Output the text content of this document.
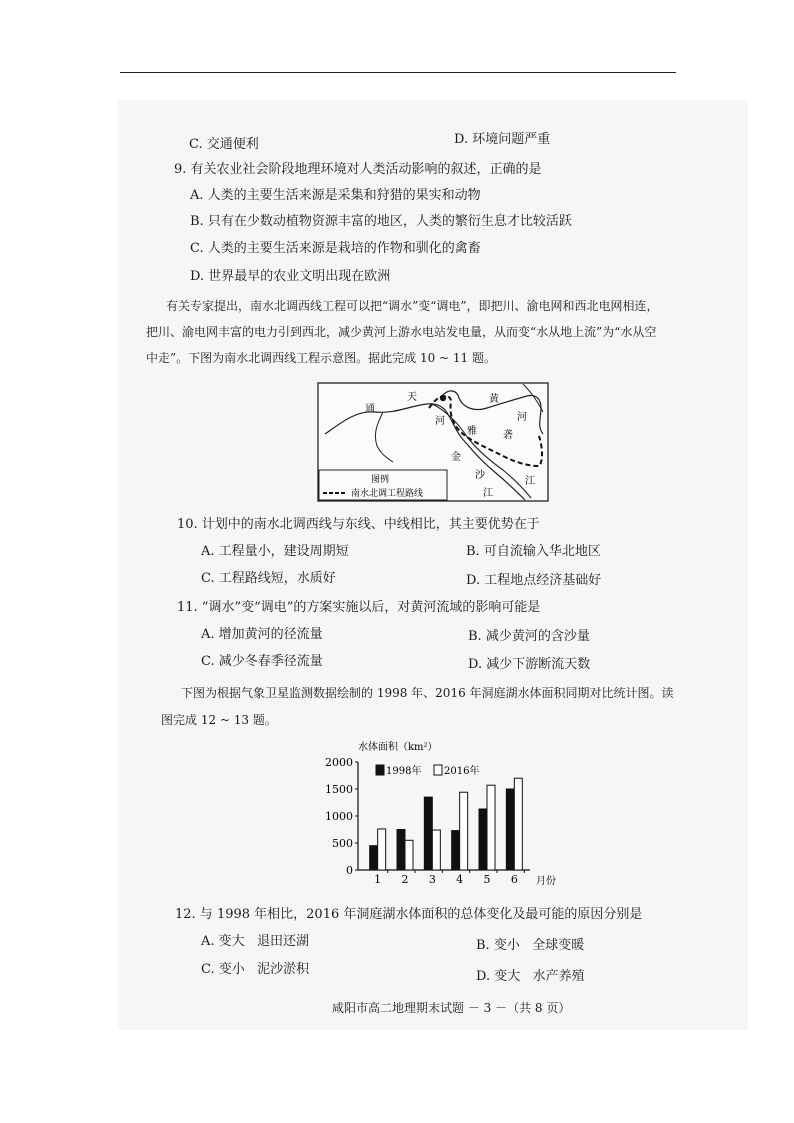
C. 交通便利	D. 环境问题严重
9. 有关农业社会阶段地理环境对人类活动影响的叙述，正确的是
A. 人类的主要生活来源是采集和狩猎的果实和动物
B. 只有在少数动植物资源丰富的地区，人类的繁衍生息才比较活跃
C. 人类的主要生活来源是栽培的作物和驯化的禽畜
D. 世界最早的农业文明出现在欧洲
有关专家提出，南水北调西线工程可以把“调水”变“调电”，即把川、渝电网和西北电网相连，
把川、渝电网丰富的电力引到西北，减少黄河上游水电站发电量，从而变“水从地上流”为“水从空
中走”。下图为南水北调西线工程示意图。据此完成 10 ~ 11 题。
通
天	黄
河
河
雅	砻
金
沙
江
江
图例
南水北调工程路线
10. 计划中的南水北调西线与东线、中线相比，其主要优势在于
A. 工程量小，建设周期短	B. 可自流输入华北地区
C. 工程路线短，水质好	D. 工程地点经济基础好
11. “调水”变“调电”的方案实施以后，对黄河流域的影响可能是
A. 增加黄河的径流量	B. 减少黄河的含沙量
C. 减少冬春季径流量	D. 减少下游断流天数
下图为根据气象卫星监测数据绘制的 1998 年、2016 年洞庭湖水体面积同期对比统计图。读
图完成 12 ~ 13 题。
水体面积（km²）
1998年 2016年
2000
1500
1000
500
0
1 2 3 4 5 6 月份
12. 与 1998 年相比，2016 年洞庭湖水体面积的总体变化及最可能的原因分别是
A. 变大   退田还湖	B. 变小   全球变暖
C. 变小   泥沙淤积	D. 变大   水产养殖
咸阳市高二地理期末试题 － 3 －（共 8 页）
